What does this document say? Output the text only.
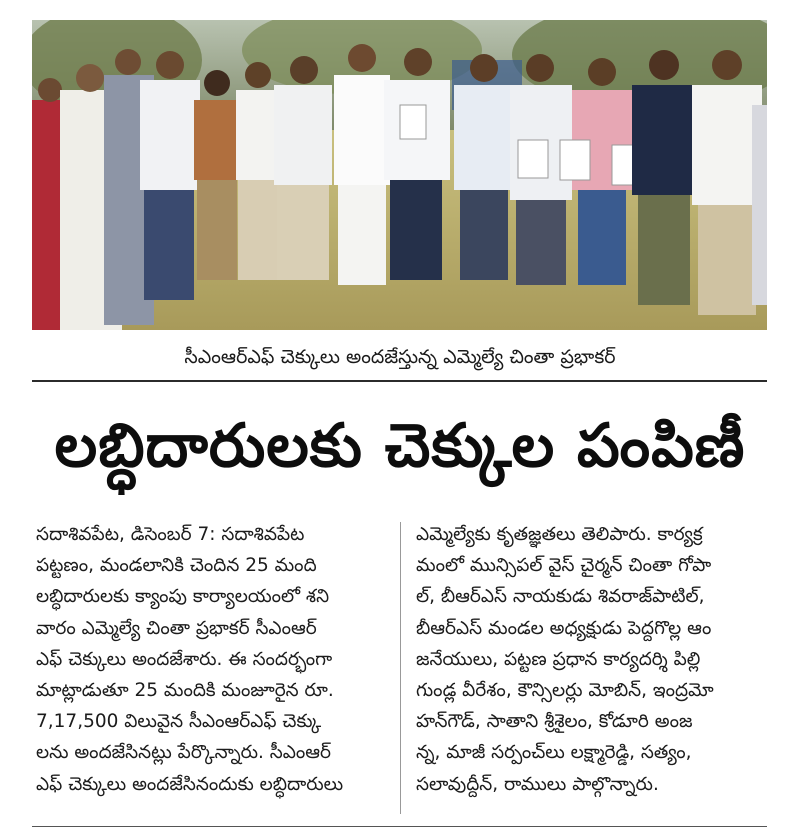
సీఎంఆర్ఎఫ్ చెక్కులు అందజేస్తున్న ఎమ్మెల్యే చింతా ప్రభాకర్
లబ్ధిదారులకు చెక్కుల పంపిణీ
సదాశివపేట, డిసెంబర్ 7: సదాశివపేట
పట్టణం, మండలానికి చెందిన 25 మంది
లబ్ధిదారులకు క్యాంపు కార్యాలయంలో శని
వారం ఎమ్మెల్యే చింతా ప్రభాకర్ సీఎంఆర్
ఎఫ్ చెక్కులు అందజేశారు. ఈ సందర్భంగా
మాట్లాడుతూ 25 మందికి మంజూరైన రూ.
7,17,500 విలువైన సీఎంఆర్ఎఫ్ చెక్కు
లను అందజేసినట్లు పేర్కొన్నారు. సీఎంఆర్
ఎఫ్ చెక్కులు అందజేసినందుకు లబ్ధిదారులు
ఎమ్మెల్యేకు కృతజ్ఞతలు తెలిపారు. కార్యక్ర
మంలో మున్సిపల్ వైస్ చైర్మన్ చింతా గోపా
ల్, బీఆర్ఎస్ నాయకుడు శివరాజ్‌పాటిల్,
బీఆర్ఎస్ మండల అధ్యక్షుడు పెద్దగొల్ల ఆం
జనేయులు, పట్టణ ప్రధాన కార్యదర్శి పిల్లి
గుండ్ల వీరేశం, కౌన్సిలర్లు మోబిన్, ఇంద్రమో
హన్‌గౌడ్, సాతాని శ్రీశైలం, కోడూరి అంజ
న్న, మాజీ సర్పంచ్‌లు లక్ష్మారెడ్డి, సత్యం,
సలావుద్దీన్, రాములు పాల్గొన్నారు.
